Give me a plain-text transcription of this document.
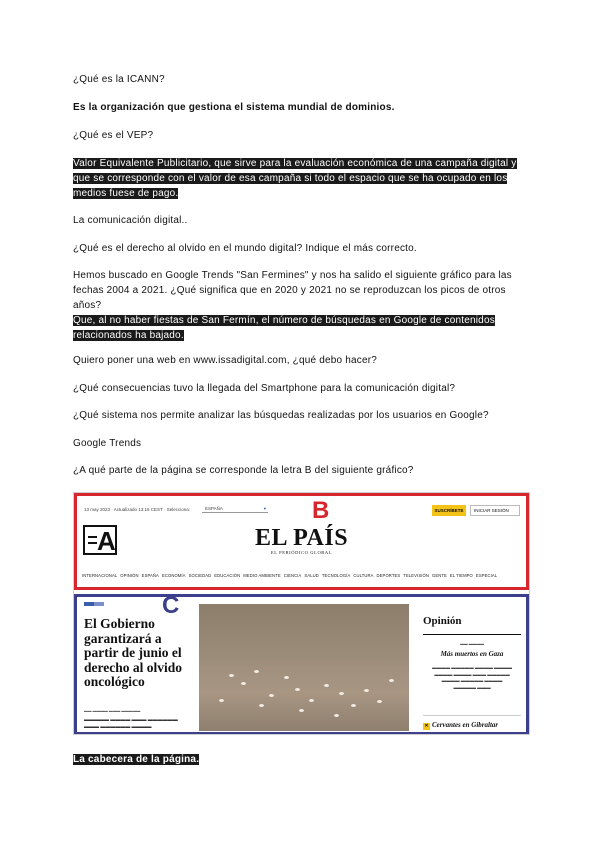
¿Qué es la ICANN?

Es la organización que gestiona el sistema mundial de dominios.

¿Qué es el VEP?

Valor Equivalente Publicitario, que sirve para la evaluación económica de una campaña digital y
que se corresponde con el valor de esa campaña si todo el espacio que se ha ocupado en los
medios fuese de pago.

La comunicación digital..

¿Qué es el derecho al olvido en el mundo digital? Indique el más correcto.

Hemos buscado en Google Trends "San Fermines" y nos ha salido el siguiente gráfico para las
fechas 2004 a 2021. ¿Qué significa que en 2020 y 2021 no se reproduzcan los picos de otros
años?
Que, al no haber fiestas de San Fermín, el número de búsquedas en Google de contenidos
relacionados ha bajado.

Quiero poner una web en www.issadigital.com, ¿qué debo hacer?

¿Qué consecuencias tuvo la llegada del Smartphone para la comunicación digital?

¿Qué sistema nos permite analizar las búsquedas realizadas por los usuarios en Google?

Google Trends

¿A qué parte de la página se corresponde la letra B del siguiente gráfico?

13 may 2023 · Actualizado 13:16 CEST · Selecciona:	ESPAÑA	▾	SUSCRÍBETE	INICIAR SESIÓN
A	EL PAÍS
EL PERIÓDICO GLOBAL
B
INTERNACIONAL OPINIÓN ESPAÑA ECONOMÍA SOCIEDAD EDUCACIÓN MEDIO AMBIENTE CIENCIA SALUD TECNOLOGÍA CULTURA DEPORTES TELEVISIÓN GENTE EL TIEMPO ESPECIAL
C
El Gobierno garantizará a partir de junio el derecho al olvido oncológico
▬▬ ▬▬▬▬ ▬▬▬ ▬▬▬▬▬
▬▬▬▬▬ ▬▬▬▬ ▬▬▬ ▬▬▬▬▬▬
▬▬▬ ▬▬▬▬▬▬ ▬▬▬▬
Opinión
▬▬ ▬▬▬▬
Más muertos en Gaza
▬▬▬▬ ▬▬▬▬▬ ▬▬▬▬ ▬▬▬▬
▬▬▬▬ ▬▬▬▬ ▬▬▬ ▬▬▬▬▬
▬▬▬▬ ▬▬▬▬▬ ▬▬▬▬
▬▬▬▬▬ ▬▬▬
✕ Cervantes en Gibraltar

La cabecera de la página.
